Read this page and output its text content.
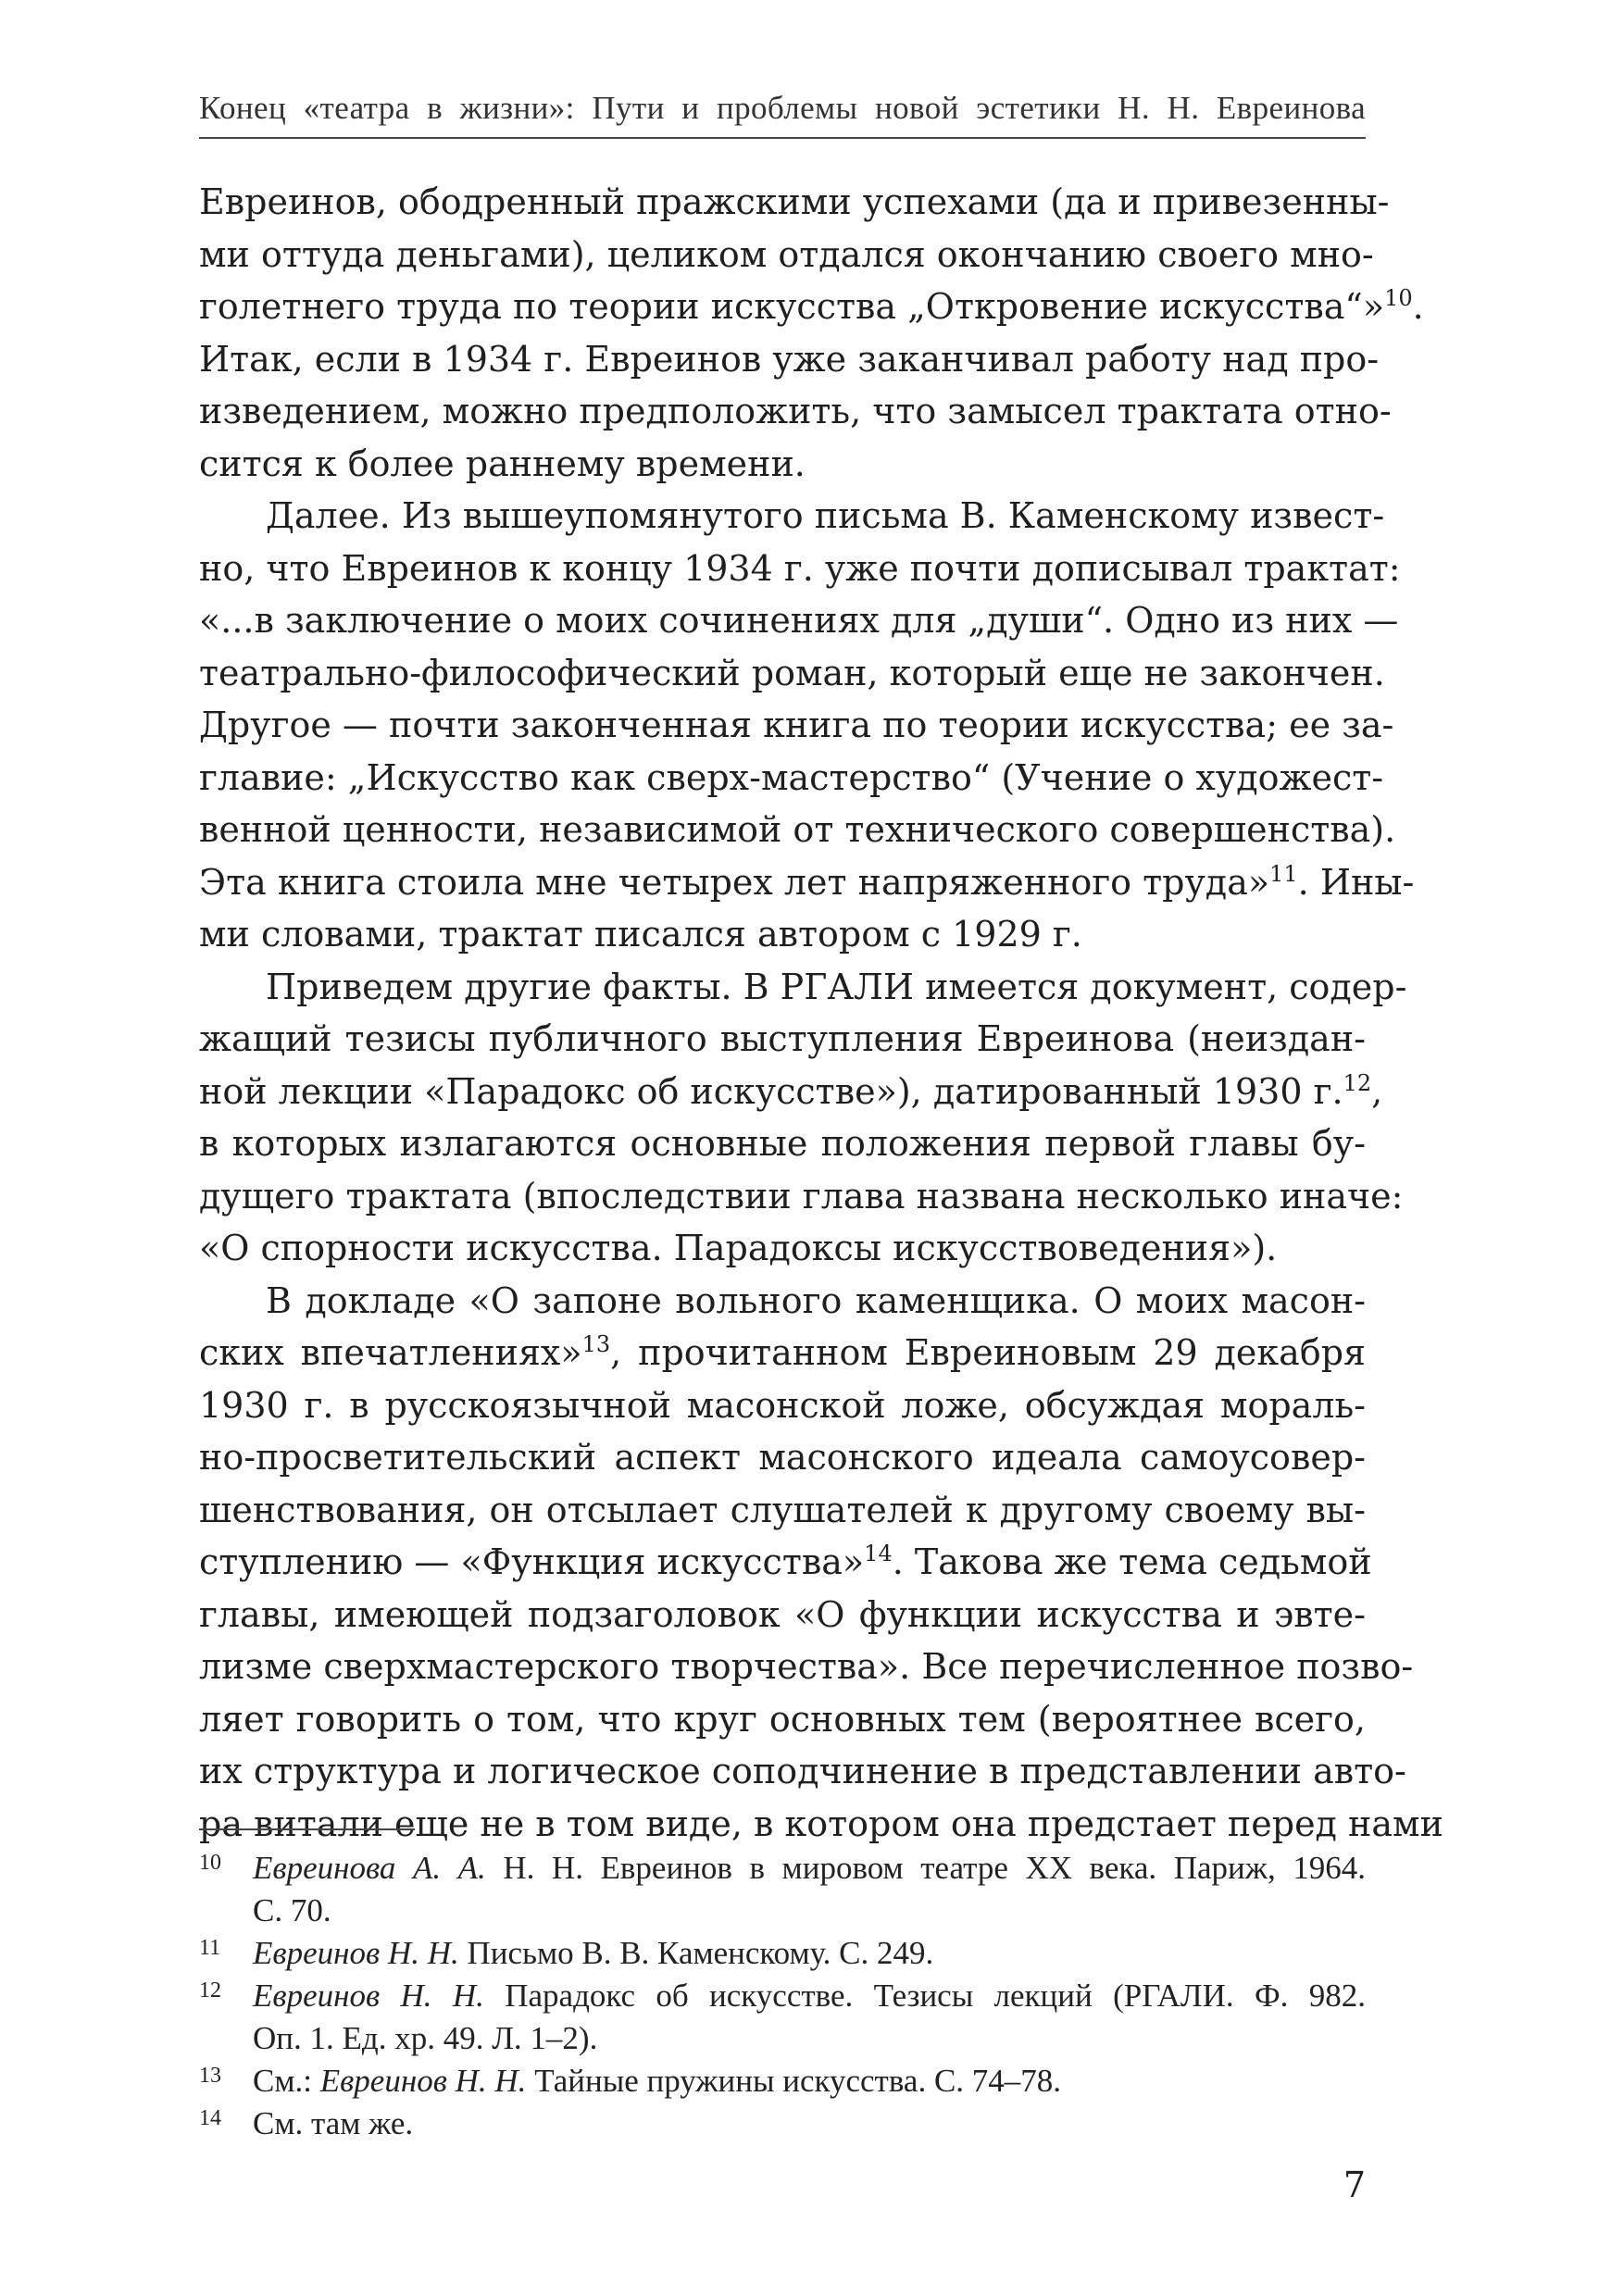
Конец «театра в жизни»: Пути и проблемы новой эстетики Н. Н. Евреинова

Евреинов, ободренный пражскими успехами (да и привезенны-
ми оттуда деньгами), целиком отдался окончанию своего мно-
голетнего труда по теории искусства „Откровение искусства“»$^{10}$.
Итак, если в 1934 г. Евреинов уже заканчивал работу над про-
изведением, можно предположить, что замысел трактата отно-
сится к более раннему времени.

Далее. Из вышеупомянутого письма В. Каменскому извест-
но, что Евреинов к концу 1934 г. уже почти дописывал трактат:
«...в заключение о моих сочинениях для „души“. Одно из них —
театрально-философический роман, который еще не закончен.
Другое — почти законченная книга по теории искусства; ее за-
главие: „Искусство как сверх-мастерство“ (Учение о художест-
венной ценности, независимой от технического совершенства).
Эта книга стоила мне четырех лет напряженного труда»$^{11}$. Ины-
ми словами, трактат писался автором с 1929 г.

Приведем другие факты. В РГАЛИ имеется документ, содер-
жащий тезисы публичного выступления Евреинова (неиздан-
ной лекции «Парадокс об искусстве»), датированный 1930 г.$^{12}$,
в которых излагаются основные положения первой главы бу-
дущего трактата (впоследствии глава названа несколько иначе:
«О спорности искусства. Парадоксы искусствоведения»).

В докладе «О запоне вольного каменщика. О моих масон-
ских впечатлениях»$^{13}$, прочитанном Евреиновым 29 декабря
1930 г. в русскоязычной масонской ложе, обсуждая мораль-
но-просветительский аспект масонского идеала самоусовер-
шенствования, он отсылает слушателей к другому своему вы-
ступлению — «Функция искусства»$^{14}$. Такова же тема седьмой
главы, имеющей подзаголовок «О функции искусства и эвте-
лизме сверхмастерского творчества». Все перечисленное позво-
ляет говорить о том, что круг основных тем (вероятнее всего,
их структура и логическое соподчинение в представлении авто-
ра витали еще не в том виде, в котором она предстает перед нами

10 Евреинова А. А. Н. Н. Евреинов в мировом театре XX века. Париж, 1964.
С. 70.
11 Евреинов Н. Н. Письмо В. В. Каменскому. С. 249.
12 Евреинов Н. Н. Парадокс об искусстве. Тезисы лекций (РГАЛИ. Ф. 982.
Оп. 1. Ед. хр. 49. Л. 1–2).
13 См.: Евреинов Н. Н. Тайные пружины искусства. С. 74–78.
14 См. там же.
7
